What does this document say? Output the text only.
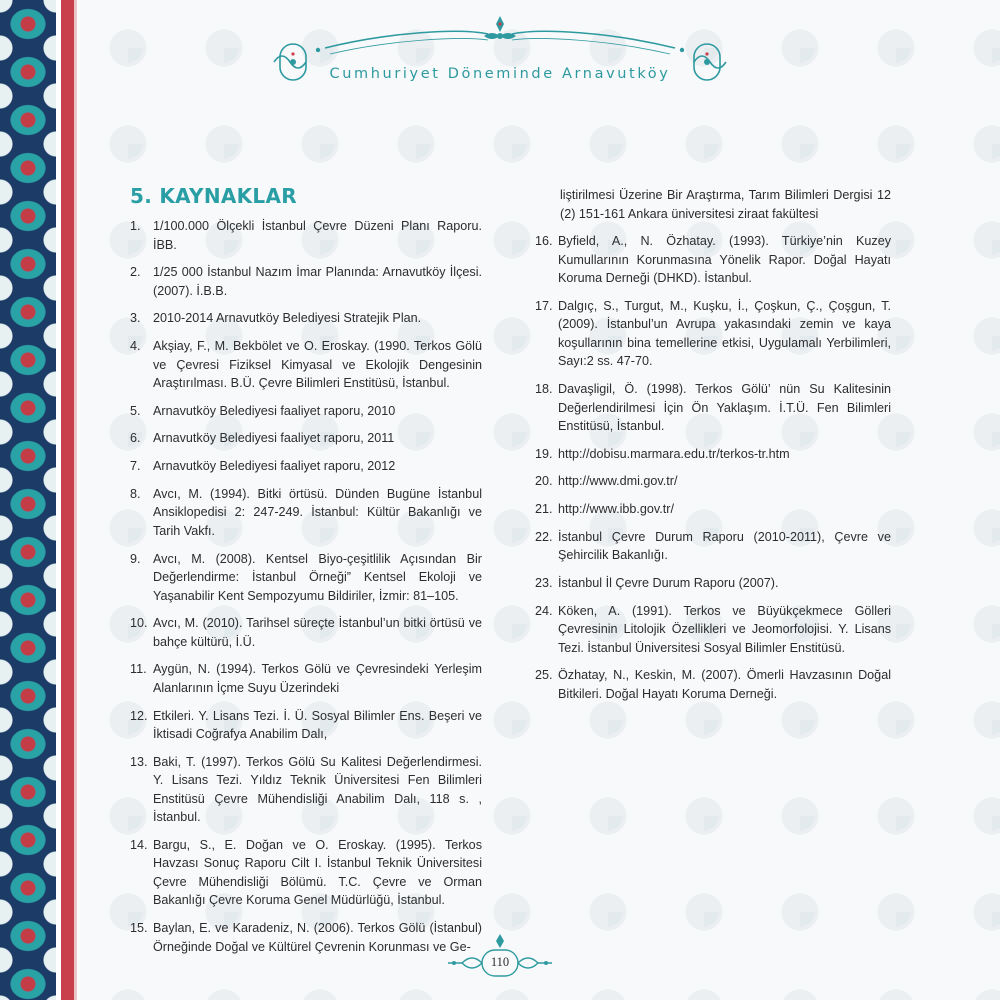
Cumhuriyet Döneminde Arnavutköy
5. KAYNAKLAR
1. 1/100.000 Ölçekli İstanbul Çevre Düzeni Planı Raporu. İBB.
2. 1/25 000 İstanbul Nazım İmar Planında: Arnavutköy İlçesi. (2007). İ.B.B.
3. 2010-2014 Arnavutköy Belediyesi Stratejik Plan.
4. Akşiay, F., M. Bekbölet ve O. Eroskay. (1990. Terkos Gölü ve Çevresi Fiziksel Kimyasal ve Ekolojik Dengesinin Araştırılması. B.Ü. Çevre Bilimleri Enstitüsü, İstanbul.
5. Arnavutköy Belediyesi faaliyet raporu, 2010
6. Arnavutköy Belediyesi faaliyet raporu, 2011
7. Arnavutköy Belediyesi faaliyet raporu, 2012
8. Avcı, M. (1994). Bitki örtüsü. Dünden Bugüne İstanbul Ansiklopedisi 2: 247-249. İstanbul: Kültür Bakanlığı ve Tarih Vakfı.
9. Avcı, M. (2008). Kentsel Biyo-çeşitlilik Açısından Bir Değerlendirme: İstanbul Örneği” Kentsel Ekoloji ve Yaşanabilir Kent Sempozyumu Bildiriler, İzmir: 81–105.
10. Avcı, M. (2010). Tarihsel süreçte İstanbul’un bitki örtüsü ve bahçe kültürü, İ.Ü.
11. Aygün, N. (1994). Terkos Gölü ve Çevresindeki Yerleşim Alanlarının İçme Suyu Üzerindeki
12. Etkileri. Y. Lisans Tezi. İ. Ü. Sosyal Bilimler Ens. Beşeri ve İktisadi Coğrafya Anabilim Dalı,
13. Baki, T. (1997). Terkos Gölü Su Kalitesi Değerlendirmesi. Y. Lisans Tezi. Yıldız Teknik Üniversitesi Fen Bilimleri Enstitüsü Çevre Mühendisliği Anabilim Dalı, 118 s. , İstanbul.
14. Bargu, S., E. Doğan ve O. Eroskay. (1995). Terkos Havzası Sonuç Raporu Cilt I. İstanbul Teknik Üniversitesi Çevre Mühendisliği Bölümü. T.C. Çevre ve Orman Bakanlığı Çevre Koruma Genel Müdürlüğü, İstanbul.
15. Baylan, E. ve Karadeniz, N. (2006). Terkos Gölü (İstanbul) Örneğinde Doğal ve Kültürel Çevrenin Korunması ve Ge-
liştirilmesi Üzerine Bir Araştırma, Tarım Bilimleri Dergisi 12 (2) 151-161 Ankara üniversitesi ziraat fakültesi
16. Byfield, A., N. Özhatay. (1993). Türkiye’nin Kuzey Kumullarının Korunmasına Yönelik Rapor. Doğal Hayatı Koruma Derneği (DHKD). İstanbul.
17. Dalgıç, S., Turgut, M., Kuşku, İ., Çoşkun, Ç., Çoşgun, T. (2009). İstanbul’un Avrupa yakasındaki zemin ve kaya koşullarının bina temellerine etkisi, Uygulamalı Yerbilimleri, Sayı:2 ss. 47-70.
18. Davaşligil, Ö. (1998). Terkos Gölü’ nün Su Kalitesinin Değerlendirilmesi İçin Ön Yaklaşım. İ.T.Ü. Fen Bilimleri Enstitüsü, İstanbul.
19. http://dobisu.marmara.edu.tr/terkos-tr.htm
20. http://www.dmi.gov.tr/
21. http://www.ibb.gov.tr/
22. İstanbul Çevre Durum Raporu (2010-2011), Çevre ve Şehircilik Bakanlığı.
23. İstanbul İl Çevre Durum Raporu (2007).
24. Köken, A. (1991). Terkos ve Büyükçekmece Gölleri Çevresinin Litolojik Özellikleri ve Jeomorfolojisi. Y. Lisans Tezi. İstanbul Üniversitesi Sosyal Bilimler Enstitüsü.
25. Özhatay, N., Keskin, M. (2007). Ömerli Havzasının Doğal Bitkileri. Doğal Hayatı Koruma Derneği.
110
